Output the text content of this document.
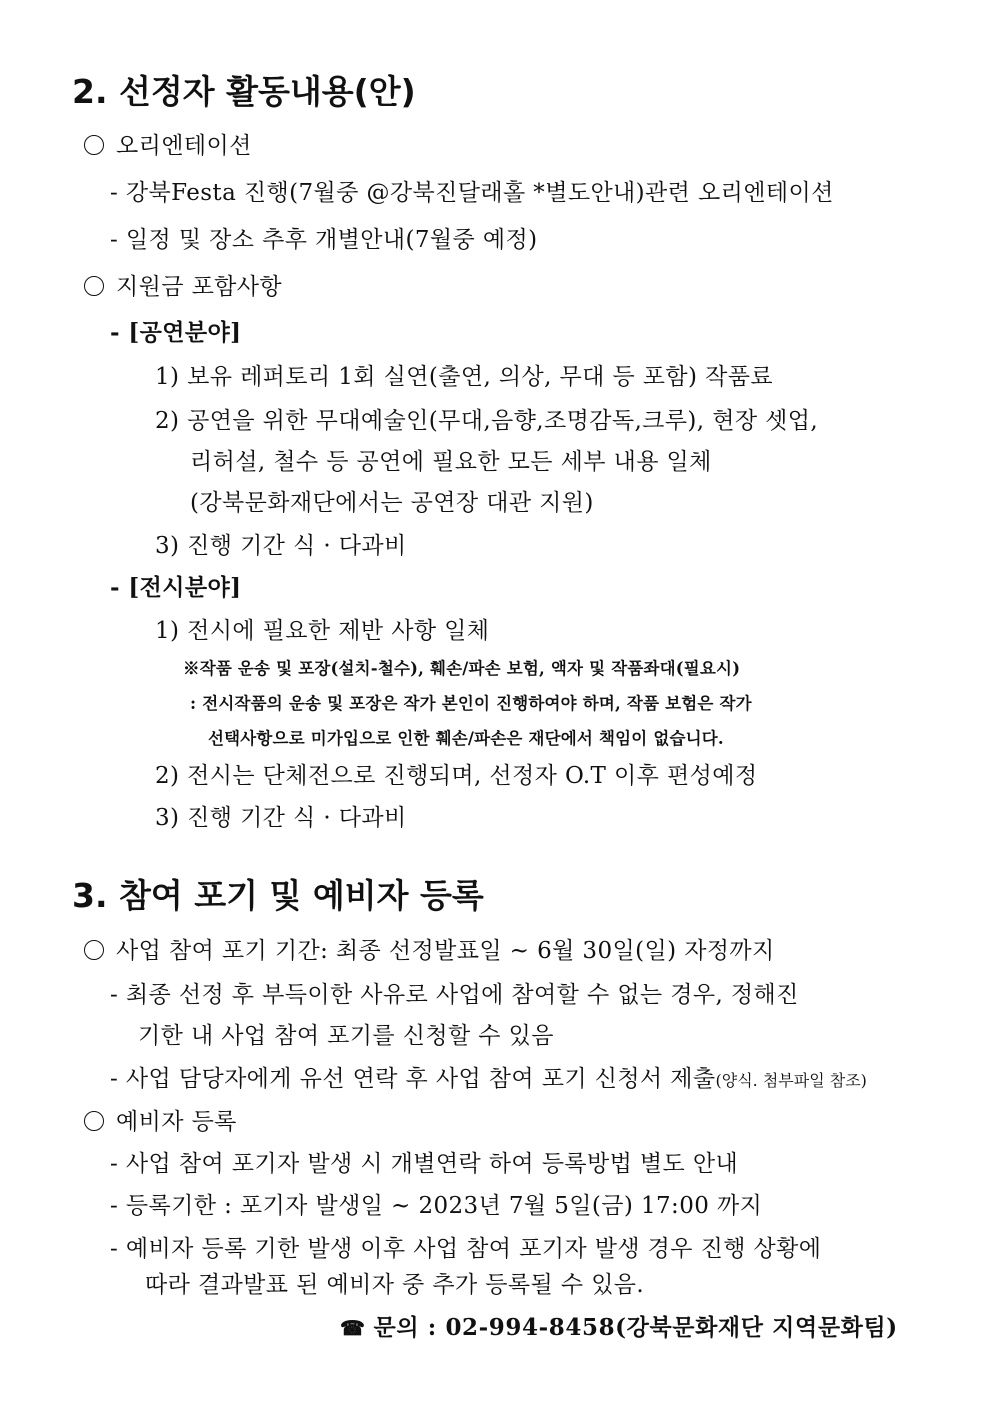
2. 선정자 활동내용(안)
오리엔테이션
- 강북Festa 진행(7월중 @강북진달래홀 *별도안내)관련 오리엔테이션
- 일정 및 장소 추후 개별안내(7월중 예정)
지원금 포함사항
- [공연분야]
1) 보유 레퍼토리 1회 실연(출연, 의상, 무대 등 포함) 작품료
2) 공연을 위한 무대예술인(무대,음향,조명감독,크루), 현장 셋업,
리허설, 철수 등 공연에 필요한 모든 세부 내용 일체
(강북문화재단에서는 공연장 대관 지원)
3) 진행 기간 식 · 다과비
- [전시분야]
1) 전시에 필요한 제반 사항 일체
※작품 운송 및 포장(설치-철수), 훼손/파손 보험, 액자 및 작품좌대(필요시)
: 전시작품의 운송 및 포장은 작가 본인이 진행하여야 하며, 작품 보험은 작가
선택사항으로 미가입으로 인한 훼손/파손은 재단에서 책임이 없습니다.
2) 전시는 단체전으로 진행되며, 선정자 O.T 이후 편성예정
3) 진행 기간 식 · 다과비
3. 참여 포기 및 예비자 등록
사업 참여 포기 기간: 최종 선정발표일 ~ 6월 30일(일) 자정까지
- 최종 선정 후 부득이한 사유로 사업에 참여할 수 없는 경우, 정해진
기한 내 사업 참여 포기를 신청할 수 있음
- 사업 담당자에게 유선 연락 후 사업 참여 포기 신청서 제출(양식. 첨부파일 참조)
예비자 등록
- 사업 참여 포기자 발생 시 개별연락 하여 등록방법 별도 안내
- 등록기한 : 포기자 발생일 ~ 2023년 7월 5일(금) 17:00 까지
- 예비자 등록 기한 발생 이후 사업 참여 포기자 발생 경우 진행 상황에
따라 결과발표 된 예비자 중 추가 등록될 수 있음.
☎ 문의 : 02-994-8458(강북문화재단 지역문화팀)
